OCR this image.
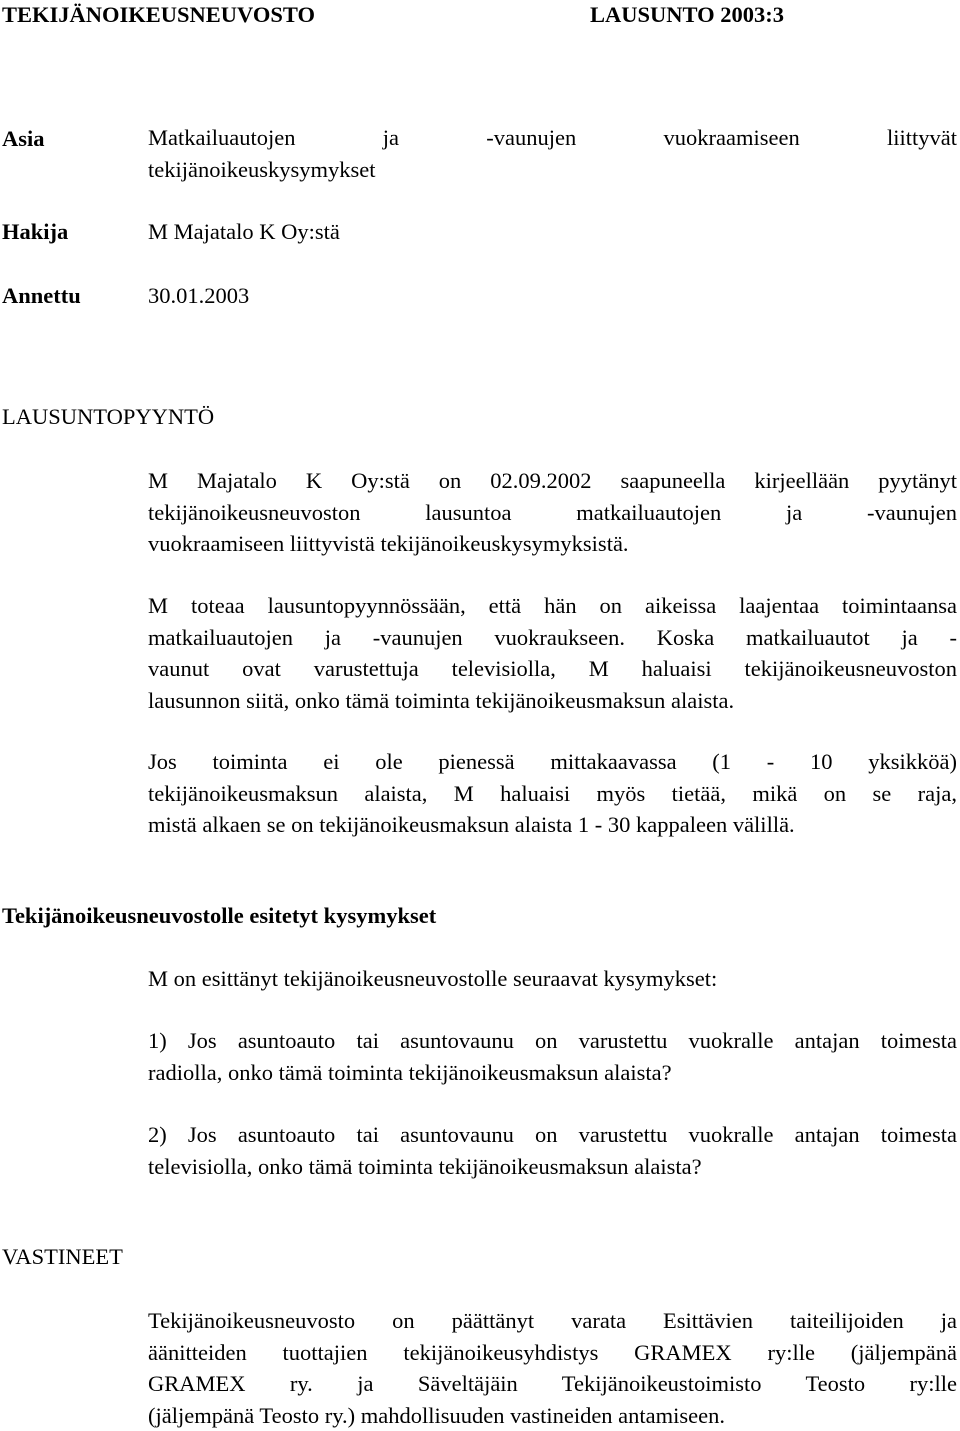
TEKIJÄNOIKEUSNEUVOSTO	LAUSUNTO 2003:3
Asia	Matkailuautojen ja -vaunujen vuokraamiseen liittyvät
tekijänoikeuskysymykset
Hakija	M Majatalo K Oy:stä
Annettu	30.01.2003
LAUSUNTOPYYNTÖ
M Majatalo K Oy:stä on 02.09.2002 saapuneella kirjeellään pyytänyt
tekijänoikeusneuvoston lausuntoa matkailuautojen ja -vaunujen
vuokraamiseen liittyvistä tekijänoikeuskysymyksistä.
M toteaa lausuntopyynnössään, että hän on aikeissa laajentaa toimintaansa
matkailuautojen ja -vaunujen vuokraukseen. Koska matkailuautot ja -
vaunut ovat varustettuja televisiolla, M haluaisi tekijänoikeusneuvoston
lausunnon siitä, onko tämä toiminta tekijänoikeusmaksun alaista.
Jos toiminta ei ole pienessä mittakaavassa (1 - 10 yksikköä)
tekijänoikeusmaksun alaista, M haluaisi myös tietää, mikä on se raja,
mistä alkaen se on tekijänoikeusmaksun alaista 1 - 30 kappaleen välillä.
Tekijänoikeusneuvostolle esitetyt kysymykset
M on esittänyt tekijänoikeusneuvostolle seuraavat kysymykset:
1) Jos asuntoauto tai asuntovaunu on varustettu vuokralle antajan toimesta
radiolla, onko tämä toiminta tekijänoikeusmaksun alaista?
2) Jos asuntoauto tai asuntovaunu on varustettu vuokralle antajan toimesta
televisiolla, onko tämä toiminta tekijänoikeusmaksun alaista?
VASTINEET
Tekijänoikeusneuvosto on päättänyt varata Esittävien taiteilijoiden ja
äänitteiden tuottajien tekijänoikeusyhdistys GRAMEX ry:lle (jäljempänä
GRAMEX ry. ja Säveltäjäin Tekijänoikeustoimisto Teosto ry:lle
(jäljempänä Teosto ry.) mahdollisuuden vastineiden antamiseen.
